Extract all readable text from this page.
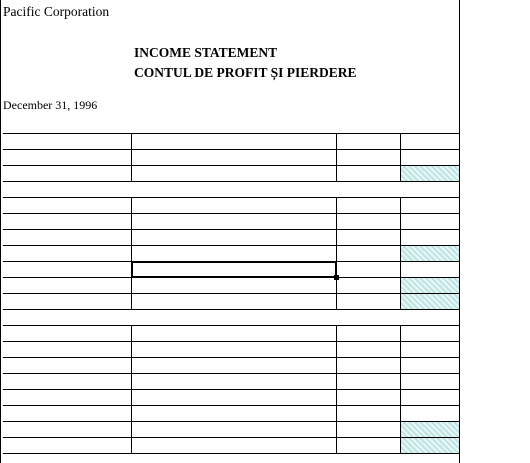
Pacific Corporation
INCOME STATEMENT
CONTUL DE PROFIT ȘI PIERDERE
December 31, 1996
